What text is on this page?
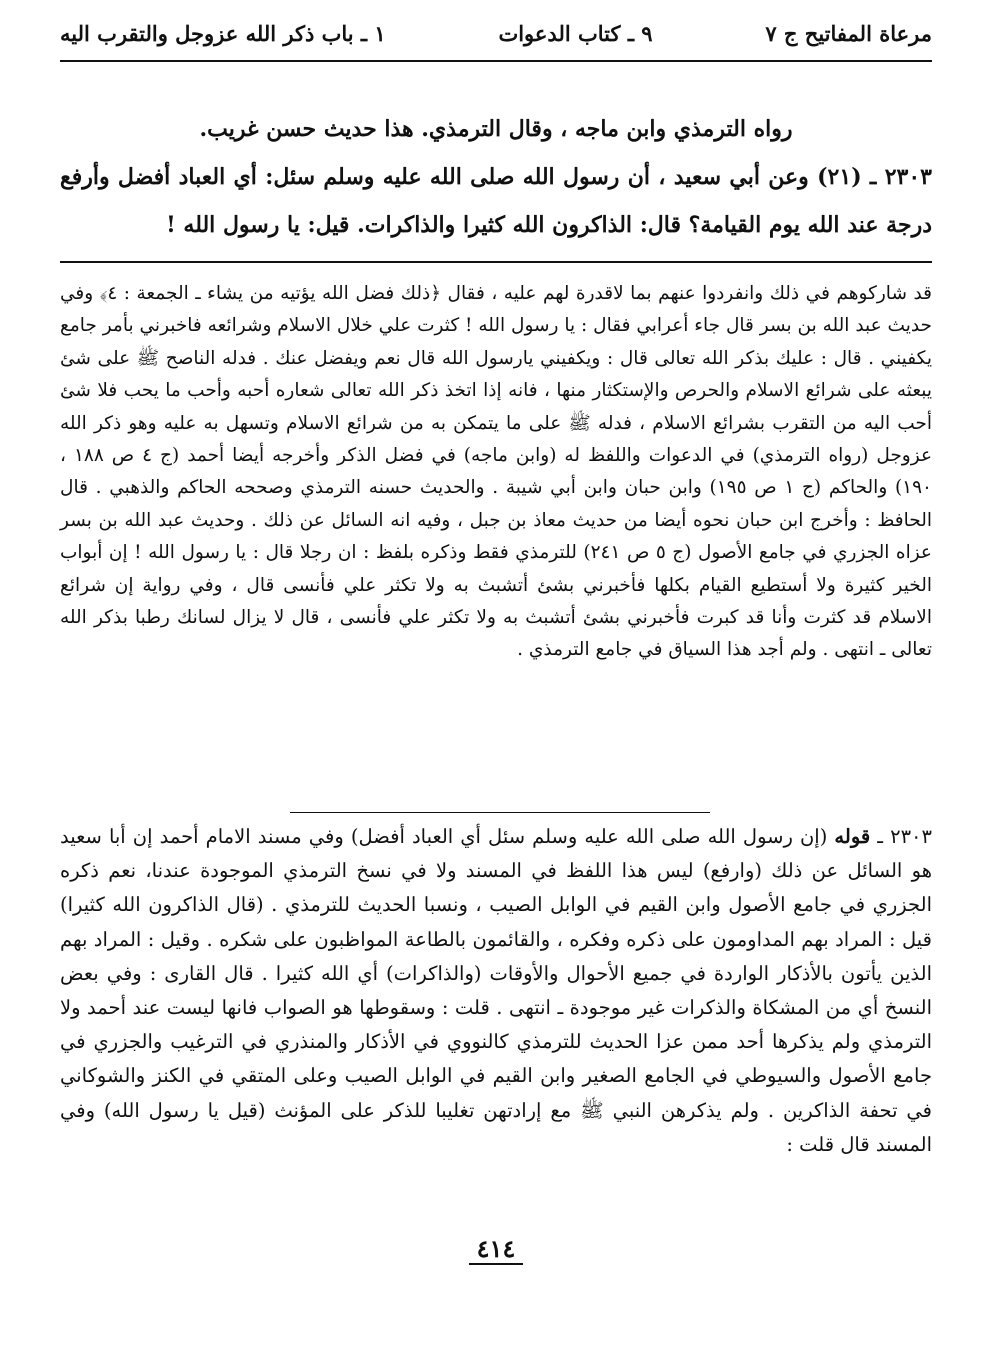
مرعاة المفاتيح ج ٧
٩ ـ كتاب الدعوات
١ ـ باب ذكر الله عزوجل والتقرب اليه

رواه الترمذي وابن ماجه ، وقال الترمذي. هذا حديث حسن غريب.

٢٣٠٣ ـ (٢١) وعن أبي سعيد ، أن رسول الله صلى الله عليه وسلم سئل: أي العباد أفضل وأرفع درجة عند الله يوم القيامة؟ قال: الذاكرون الله كثيرا والذاكرات. قيل: يا رسول الله !

قد شاركوهم في ذلك وانفردوا عنهم بما لاقدرة لهم عليه ، فقال ﴿ذلك فضل الله يؤتيه من يشاء ـ الجمعة : ٤﴾ وفي حديث عبد الله بن بسر قال جاء أعرابي فقال : يا رسول الله ! كثرت علي خلال الاسلام وشرائعه فاخبرني بأمر جامع يكفيني . قال : عليك بذكر الله تعالى قال : ويكفيني يارسول الله قال نعم ويفضل عنك . فدله الناصح ﷺ على شئ يبعثه على شرائع الاسلام والحرص والإستكثار منها ، فانه إذا اتخذ ذكر الله تعالى شعاره أحبه وأحب ما يحب فلا شئ أحب اليه من التقرب بشرائع الاسلام ، فدله ﷺ على ما يتمكن به من شرائع الاسلام وتسهل به عليه وهو ذكر الله عزوجل (رواه الترمذي) في الدعوات واللفظ له (وابن ماجه) في فضل الذكر وأخرجه أيضا أحمد (ج ٤ ص ١٨٨ ، ١٩٠) والحاكم (ج ١ ص ١٩٥) وابن حبان وابن أبي شيبة . والحديث حسنه الترمذي وصححه الحاكم والذهبي . قال الحافظ : وأخرج ابن حبان نحوه أيضا من حديث معاذ بن جبل ، وفيه انه السائل عن ذلك . وحديث عبد الله بن بسر عزاه الجزري في جامع الأصول (ج ٥ ص ٢٤١) للترمذي فقط وذكره بلفظ : ان رجلا قال : يا رسول الله ! إن أبواب الخير كثيرة ولا أستطيع القيام بكلها فأخبرني بشئ أتشبث به ولا تكثر علي فأنسى قال ، وفي رواية إن شرائع الاسلام قد كثرت وأنا قد كبرت فأخبرني بشئ أتشبث به ولا تكثر علي فأنسى ، قال لا يزال لسانك رطبا بذكر الله تعالى ـ انتهى . ولم أجد هذا السياق في جامع الترمذي .

٢٣٠٣ ـ قوله (إن رسول الله صلى الله عليه وسلم سئل أي العباد أفضل) وفي مسند الامام أحمد إن أبا سعيد هو السائل عن ذلك (وارفع) ليس هذا اللفظ في المسند ولا في نسخ الترمذي الموجودة عندنا، نعم ذكره الجزري في جامع الأصول وابن القيم في الوابل الصيب ، ونسبا الحديث للترمذي . (قال الذاكرون الله كثيرا) قيل : المراد بهم المداومون على ذكره وفكره ، والقائمون بالطاعة المواظبون على شكره . وقيل : المراد بهم الذين يأتون بالأذكار الواردة في جميع الأحوال والأوقات (والذاكرات) أي الله كثيرا . قال القارى : وفي بعض النسخ أي من المشكاة والذكرات غير موجودة ـ انتهى . قلت : وسقوطها هو الصواب فانها ليست عند أحمد ولا الترمذي ولم يذكرها أحد ممن عزا الحديث للترمذي كالنووي في الأذكار والمنذري في الترغيب والجزري في جامع الأصول والسيوطي في الجامع الصغير وابن القيم في الوابل الصيب وعلى المتقي في الكنز والشوكاني في تحفة الذاكرين . ولم يذكرهن النبي ﷺ مع إرادتهن تغليبا للذكر على المؤنث (قيل يا رسول الله) وفي المسند قال قلت :

٤١٤
